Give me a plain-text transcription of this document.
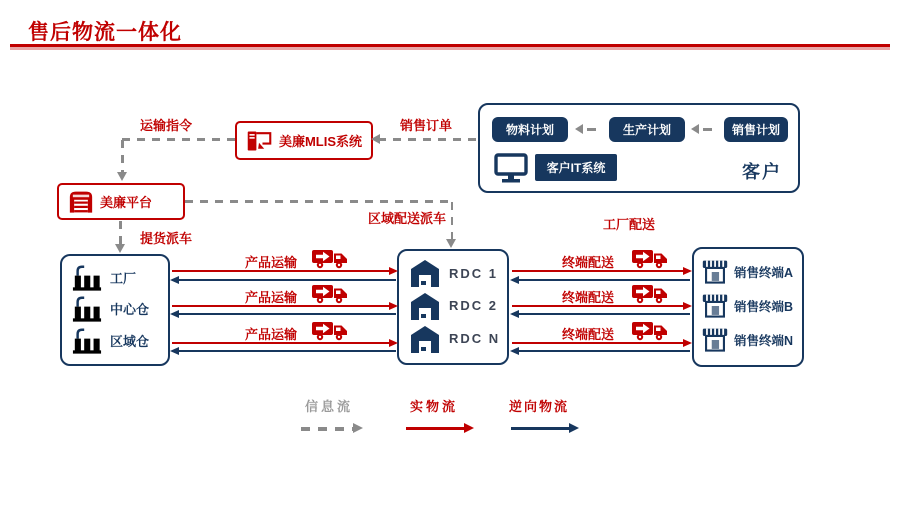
售后物流一体化
物料计划	生产计划	销售计划
客户IT系统	客户
美廉MLIS系统
美廉平台
工厂
中心仓
区域仓
RDC 1
RDC 2
RDC N
销售终端A
销售终端B
销售终端N
销售订单
运输指令
区域配送派车
提货派车
工厂配送
产品运输
产品运输
产品运输
终端配送
终端配送
终端配送
信息流	实物流	逆向物流
